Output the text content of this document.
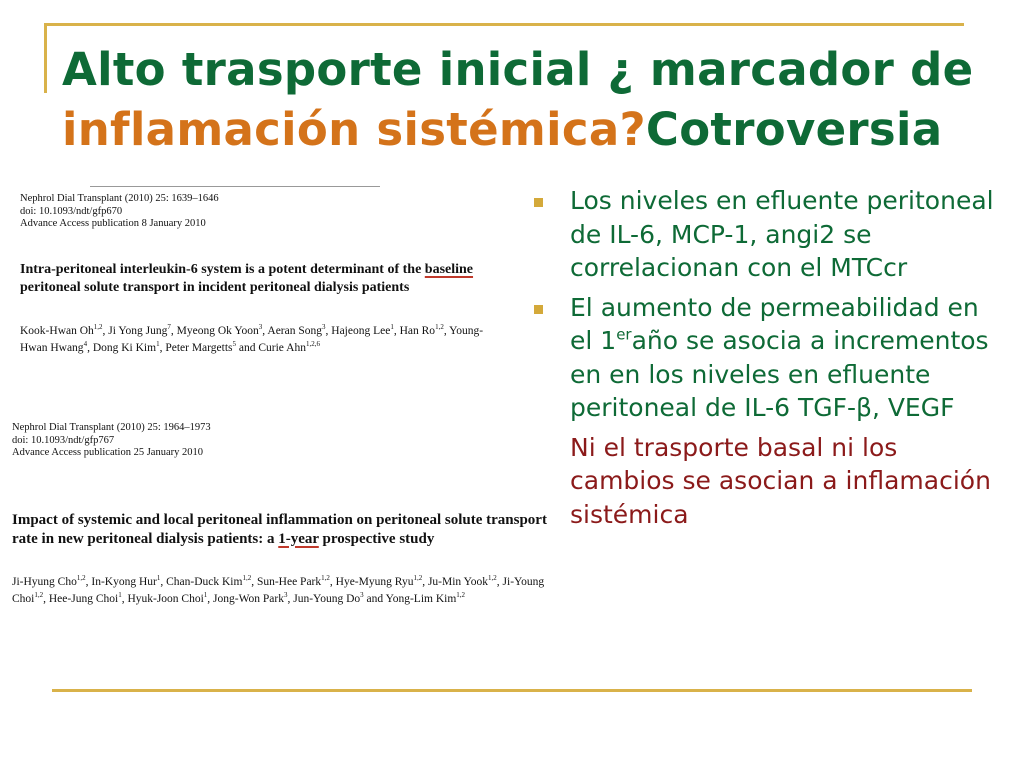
Alto trasporte inicial ¿ marcador de
inflamación sistémica?Cotroversia
Nephrol Dial Transplant (2010) 25: 1639–1646
doi: 10.1093/ndt/gfp670
Advance Access publication 8 January 2010
Intra-peritoneal interleukin-6 system is a potent determinant of the baseline peritoneal solute transport in incident peritoneal dialysis patients
Kook-Hwan Oh$^{1,2}$, Ji Yong Jung$^7$, Myeong Ok Yoon$^3$, Aeran Song$^3$, Hajeong Lee$^1$, Han Ro$^{1,2}$, Young-Hwan Hwang$^4$, Dong Ki Kim$^1$, Peter Margetts$^5$ and Curie Ahn$^{1,2,6}$
Nephrol Dial Transplant (2010) 25: 1964–1973
doi: 10.1093/ndt/gfp767
Advance Access publication 25 January 2010
Impact of systemic and local peritoneal inflammation on peritoneal solute transport rate in new peritoneal dialysis patients: a 1-year prospective study
Ji-Hyung Cho$^{1,2}$, In-Kyong Hur$^1$, Chan-Duck Kim$^{1,2}$, Sun-Hee Park$^{1,2}$, Hye-Myung Ryu$^{1,2}$, Ju-Min Yook$^{1,2}$, Ji-Young Choi$^{1,2}$, Hee-Jung Choi$^1$, Hyuk-Joon Choi$^1$, Jong-Won Park$^3$, Jun-Young Do$^3$ and Yong-Lim Kim$^{1,2}$
Los niveles en efluente peritoneal de IL-6, MCP-1, angi2 se correlacionan con el MTCcr
El aumento de permeabilidad en el 1eraño se asocia a incrementos en en los niveles en efluente peritoneal de IL-6 TGF-β, VEGF
Ni el trasporte basal ni los cambios se asocian a inflamación sistémica
